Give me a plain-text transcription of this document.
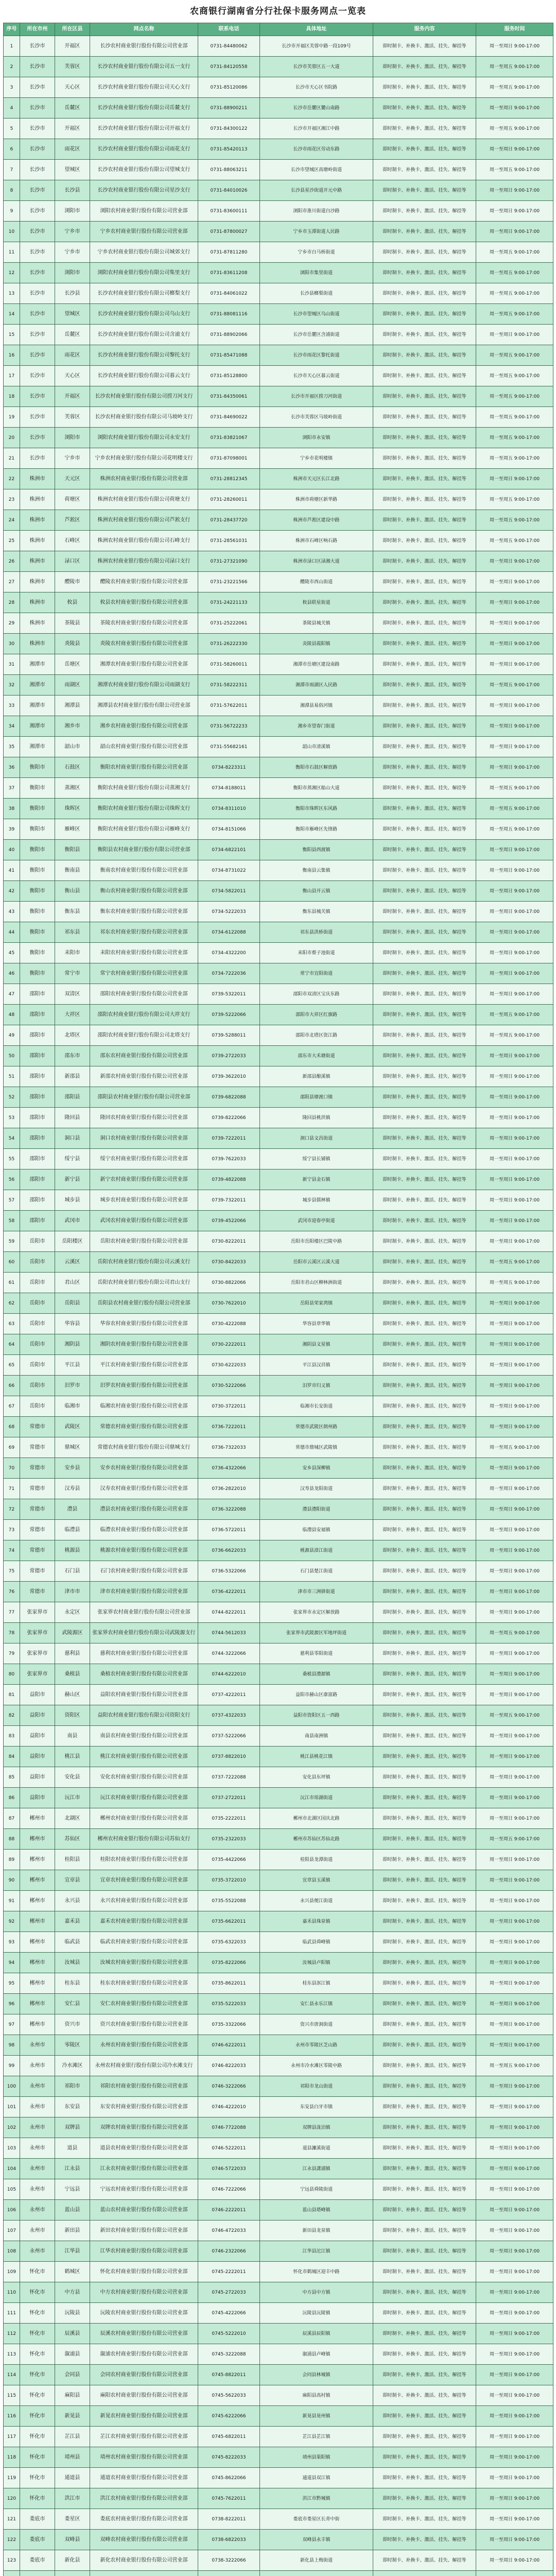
农商银行湖南省分行社保卡服务网点一览表
序号	所在市州	所在区县	网点名称	联系电话	具体地址	服务内容	服务时间
1	长沙市	开福区	长沙农村商业银行股份有限公司营业部	0731-84480062	长沙市开福区芙蓉中路一段109号	即时制卡、补换卡、激活、挂失、解挂等	周一至周日 9:00-17:00
2	长沙市	芙蓉区	长沙农村商业银行股份有限公司五一支行	0731-84120558	长沙市芙蓉区五一大道	即时制卡、补换卡、激活、挂失、解挂等	周一至周五 9:00-17:00
3	长沙市	天心区	长沙农村商业银行股份有限公司天心支行	0731-85120086	长沙市天心区书院路	即时制卡、补换卡、激活、挂失、解挂等	周一至周五 9:00-17:00
4	长沙市	岳麓区	长沙农村商业银行股份有限公司岳麓支行	0731-88900211	长沙市岳麓区麓山南路	即时制卡、补换卡、激活、挂失、解挂等	周一至周日 9:00-17:00
5	长沙市	开福区	长沙农村商业银行股份有限公司开福支行	0731-84300122	长沙市开福区湘江中路	即时制卡、补换卡、激活、挂失、解挂等	周一至周五 9:00-17:00
6	长沙市	雨花区	长沙农村商业银行股份有限公司雨花支行	0731-85420113	长沙市雨花区劳动东路	即时制卡、补换卡、激活、挂失、解挂等	周一至周日 9:00-17:00
7	长沙市	望城区	长沙农村商业银行股份有限公司望城支行	0731-88063211	长沙市望城区高塘岭街道	即时制卡、补换卡、激活、挂失、解挂等	周一至周五 9:00-17:00
8	长沙市	长沙县	长沙农村商业银行股份有限公司星沙支行	0731-84010026	长沙县星沙街道开元中路	即时制卡、补换卡、激活、挂失、解挂等	周一至周日 9:00-17:00
9	长沙市	浏阳市	浏阳农村商业银行股份有限公司营业部	0731-83600111	浏阳市淮川街道白沙路	即时制卡、补换卡、激活、挂失、解挂等	周一至周日 9:00-17:00
10	长沙市	宁乡市	宁乡农村商业银行股份有限公司营业部	0731-87800027	宁乡市玉潭街道人民路	即时制卡、补换卡、激活、挂失、解挂等	周一至周日 9:00-17:00
11	长沙市	宁乡市	宁乡农村商业银行股份有限公司城郊支行	0731-87811280	宁乡市白马桥街道	即时制卡、补换卡、激活、挂失、解挂等	周一至周五 9:00-17:00
12	长沙市	浏阳市	浏阳农村商业银行股份有限公司集里支行	0731-83611208	浏阳市集里街道	即时制卡、补换卡、激活、挂失、解挂等	周一至周五 9:00-17:00
13	长沙市	长沙县	长沙农村商业银行股份有限公司榔梨支行	0731-84061022	长沙县榔梨街道	即时制卡、补换卡、激活、挂失、解挂等	周一至周五 9:00-17:00
14	长沙市	望城区	长沙农村商业银行股份有限公司乌山支行	0731-88081116	长沙市望城区乌山街道	即时制卡、补换卡、激活、挂失、解挂等	周一至周五 9:00-17:00
15	长沙市	岳麓区	长沙农村商业银行股份有限公司含浦支行	0731-88902066	长沙市岳麓区含浦街道	即时制卡、补换卡、激活、挂失、解挂等	周一至周日 9:00-17:00
16	长沙市	雨花区	长沙农村商业银行股份有限公司黎托支行	0731-85471088	长沙市雨花区黎托街道	即时制卡、补换卡、激活、挂失、解挂等	周一至周五 9:00-17:00
17	长沙市	天心区	长沙农村商业银行股份有限公司暮云支行	0731-85128800	长沙市天心区暮云街道	即时制卡、补换卡、激活、挂失、解挂等	周一至周五 9:00-17:00
18	长沙市	开福区	长沙农村商业银行股份有限公司捞刀河支行	0731-84350061	长沙市开福区捞刀河街道	即时制卡、补换卡、激活、挂失、解挂等	周一至周五 9:00-17:00
19	长沙市	芙蓉区	长沙农村商业银行股份有限公司马坡岭支行	0731-84690022	长沙市芙蓉区马坡岭街道	即时制卡、补换卡、激活、挂失、解挂等	周一至周五 9:00-17:00
20	长沙市	浏阳市	浏阳农村商业银行股份有限公司永安支行	0731-83821067	浏阳市永安镇	即时制卡、补换卡、激活、挂失、解挂等	周一至周五 9:00-17:00
21	长沙市	宁乡市	宁乡农村商业银行股份有限公司花明楼支行	0731-87098001	宁乡市花明楼镇	即时制卡、补换卡、激活、挂失、解挂等	周一至周五 9:00-17:00
22	株洲市	天元区	株洲农村商业银行股份有限公司营业部	0731-28812345	株洲市天元区长江北路	即时制卡、补换卡、激活、挂失、解挂等	周一至周日 9:00-17:00
23	株洲市	荷塘区	株洲农村商业银行股份有限公司荷塘支行	0731-28260011	株洲市荷塘区新华路	即时制卡、补换卡、激活、挂失、解挂等	周一至周五 9:00-17:00
24	株洲市	芦淞区	株洲农村商业银行股份有限公司芦淞支行	0731-28437720	株洲市芦淞区建设中路	即时制卡、补换卡、激活、挂失、解挂等	周一至周五 9:00-17:00
25	株洲市	石峰区	株洲农村商业银行股份有限公司石峰支行	0731-28561031	株洲市石峰区响石路	即时制卡、补换卡、激活、挂失、解挂等	周一至周五 9:00-17:00
26	株洲市	渌口区	株洲农村商业银行股份有限公司渌口支行	0731-27321090	株洲市渌口区渌湘大道	即时制卡、补换卡、激活、挂失、解挂等	周一至周日 9:00-17:00
27	株洲市	醴陵市	醴陵农村商业银行股份有限公司营业部	0731-23221566	醴陵市西山街道	即时制卡、补换卡、激活、挂失、解挂等	周一至周日 9:00-17:00
28	株洲市	攸县	攸县农村商业银行股份有限公司营业部	0731-24221133	攸县联星街道	即时制卡、补换卡、激活、挂失、解挂等	周一至周日 9:00-17:00
29	株洲市	茶陵县	茶陵农村商业银行股份有限公司营业部	0731-25222061	茶陵县城关镇	即时制卡、补换卡、激活、挂失、解挂等	周一至周日 9:00-17:00
30	株洲市	炎陵县	炎陵农村商业银行股份有限公司营业部	0731-26222330	炎陵县霞阳镇	即时制卡、补换卡、激活、挂失、解挂等	周一至周日 9:00-17:00
31	湘潭市	岳塘区	湘潭农村商业银行股份有限公司营业部	0731-58260011	湘潭市岳塘区建设南路	即时制卡、补换卡、激活、挂失、解挂等	周一至周日 9:00-17:00
32	湘潭市	雨湖区	湘潭农村商业银行股份有限公司雨湖支行	0731-58222311	湘潭市雨湖区人民路	即时制卡、补换卡、激活、挂失、解挂等	周一至周五 9:00-17:00
33	湘潭市	湘潭县	湘潭县农村商业银行股份有限公司营业部	0731-57622011	湘潭县易俗河镇	即时制卡、补换卡、激活、挂失、解挂等	周一至周日 9:00-17:00
34	湘潭市	湘乡市	湘乡农村商业银行股份有限公司营业部	0731-56722233	湘乡市望春门街道	即时制卡、补换卡、激活、挂失、解挂等	周一至周日 9:00-17:00
35	湘潭市	韶山市	韶山农村商业银行股份有限公司营业部	0731-55682161	韶山市清溪镇	即时制卡、补换卡、激活、挂失、解挂等	周一至周日 9:00-17:00
36	衡阳市	石鼓区	衡阳农村商业银行股份有限公司营业部	0734-8223311	衡阳市石鼓区解放路	即时制卡、补换卡、激活、挂失、解挂等	周一至周日 9:00-17:00
37	衡阳市	蒸湘区	衡阳农村商业银行股份有限公司蒸湘支行	0734-8188011	衡阳市蒸湘区船山大道	即时制卡、补换卡、激活、挂失、解挂等	周一至周五 9:00-17:00
38	衡阳市	珠晖区	衡阳农村商业银行股份有限公司珠晖支行	0734-8311010	衡阳市珠晖区东风路	即时制卡、补换卡、激活、挂失、解挂等	周一至周五 9:00-17:00
39	衡阳市	雁峰区	衡阳农村商业银行股份有限公司雁峰支行	0734-8151066	衡阳市雁峰区先锋路	即时制卡、补换卡、激活、挂失、解挂等	周一至周五 9:00-17:00
40	衡阳市	衡阳县	衡阳县农村商业银行股份有限公司营业部	0734-6822101	衡阳县西渡镇	即时制卡、补换卡、激活、挂失、解挂等	周一至周日 9:00-17:00
41	衡阳市	衡南县	衡南农村商业银行股份有限公司营业部	0734-8731022	衡南县云集镇	即时制卡、补换卡、激活、挂失、解挂等	周一至周日 9:00-17:00
42	衡阳市	衡山县	衡山农村商业银行股份有限公司营业部	0734-5822011	衡山县开云镇	即时制卡、补换卡、激活、挂失、解挂等	周一至周日 9:00-17:00
43	衡阳市	衡东县	衡东农村商业银行股份有限公司营业部	0734-5222033	衡东县城关镇	即时制卡、补换卡、激活、挂失、解挂等	周一至周日 9:00-17:00
44	衡阳市	祁东县	祁东农村商业银行股份有限公司营业部	0734-6122088	祁东县洪桥街道	即时制卡、补换卡、激活、挂失、解挂等	周一至周日 9:00-17:00
45	衡阳市	耒阳市	耒阳农村商业银行股份有限公司营业部	0734-4322200	耒阳市蔡子池街道	即时制卡、补换卡、激活、挂失、解挂等	周一至周日 9:00-17:00
46	衡阳市	常宁市	常宁农村商业银行股份有限公司营业部	0734-7222036	常宁市宜阳街道	即时制卡、补换卡、激活、挂失、解挂等	周一至周日 9:00-17:00
47	邵阳市	双清区	邵阳农村商业银行股份有限公司营业部	0739-5322011	邵阳市双清区宝庆东路	即时制卡、补换卡、激活、挂失、解挂等	周一至周日 9:00-17:00
48	邵阳市	大祥区	邵阳农村商业银行股份有限公司大祥支行	0739-5222066	邵阳市大祥区红旗路	即时制卡、补换卡、激活、挂失、解挂等	周一至周五 9:00-17:00
49	邵阳市	北塔区	邵阳农村商业银行股份有限公司北塔支行	0739-5288011	邵阳市北塔区资江路	即时制卡、补换卡、激活、挂失、解挂等	周一至周五 9:00-17:00
50	邵阳市	邵东市	邵东农村商业银行股份有限公司营业部	0739-2722033	邵东市大禾塘街道	即时制卡、补换卡、激活、挂失、解挂等	周一至周日 9:00-17:00
51	邵阳市	新邵县	新邵农村商业银行股份有限公司营业部	0739-3622010	新邵县酿溪镇	即时制卡、补换卡、激活、挂失、解挂等	周一至周日 9:00-17:00
52	邵阳市	邵阳县	邵阳县农村商业银行股份有限公司营业部	0739-6822088	邵阳县塘渡口镇	即时制卡、补换卡、激活、挂失、解挂等	周一至周日 9:00-17:00
53	邵阳市	隆回县	隆回农村商业银行股份有限公司营业部	0739-8222066	隆回县桃洪镇	即时制卡、补换卡、激活、挂失、解挂等	周一至周日 9:00-17:00
54	邵阳市	洞口县	洞口农村商业银行股份有限公司营业部	0739-7222011	洞口县文昌街道	即时制卡、补换卡、激活、挂失、解挂等	周一至周日 9:00-17:00
55	邵阳市	绥宁县	绥宁农村商业银行股份有限公司营业部	0739-7622033	绥宁县长铺镇	即时制卡、补换卡、激活、挂失、解挂等	周一至周日 9:00-17:00
56	邵阳市	新宁县	新宁农村商业银行股份有限公司营业部	0739-4822088	新宁县金石镇	即时制卡、补换卡、激活、挂失、解挂等	周一至周日 9:00-17:00
57	邵阳市	城步县	城步农村商业银行股份有限公司营业部	0739-7322011	城步县儒林镇	即时制卡、补换卡、激活、挂失、解挂等	周一至周日 9:00-17:00
58	邵阳市	武冈市	武冈农村商业银行股份有限公司营业部	0739-4522066	武冈市迎春亭街道	即时制卡、补换卡、激活、挂失、解挂等	周一至周日 9:00-17:00
59	岳阳市	岳阳楼区	岳阳农村商业银行股份有限公司营业部	0730-8222011	岳阳市岳阳楼区巴陵中路	即时制卡、补换卡、激活、挂失、解挂等	周一至周日 9:00-17:00
60	岳阳市	云溪区	岳阳农村商业银行股份有限公司云溪支行	0730-8422033	岳阳市云溪区云溪大道	即时制卡、补换卡、激活、挂失、解挂等	周一至周五 9:00-17:00
61	岳阳市	君山区	岳阳农村商业银行股份有限公司君山支行	0730-8822066	岳阳市君山区柳林洲街道	即时制卡、补换卡、激活、挂失、解挂等	周一至周五 9:00-17:00
62	岳阳市	岳阳县	岳阳县农村商业银行股份有限公司营业部	0730-7622010	岳阳县荣家湾镇	即时制卡、补换卡、激活、挂失、解挂等	周一至周日 9:00-17:00
63	岳阳市	华容县	华容农村商业银行股份有限公司营业部	0730-4222088	华容县章华镇	即时制卡、补换卡、激活、挂失、解挂等	周一至周日 9:00-17:00
64	岳阳市	湘阴县	湘阴农村商业银行股份有限公司营业部	0730-2222011	湘阴县文星镇	即时制卡、补换卡、激活、挂失、解挂等	周一至周日 9:00-17:00
65	岳阳市	平江县	平江农村商业银行股份有限公司营业部	0730-6222033	平江县汉昌镇	即时制卡、补换卡、激活、挂失、解挂等	周一至周日 9:00-17:00
66	岳阳市	汨罗市	汨罗农村商业银行股份有限公司营业部	0730-5222066	汨罗市归义镇	即时制卡、补换卡、激活、挂失、解挂等	周一至周日 9:00-17:00
67	岳阳市	临湘市	临湘农村商业银行股份有限公司营业部	0730-3722011	临湘市长安街道	即时制卡、补换卡、激活、挂失、解挂等	周一至周日 9:00-17:00
68	常德市	武陵区	常德农村商业银行股份有限公司营业部	0736-7222011	常德市武陵区朗州路	即时制卡、补换卡、激活、挂失、解挂等	周一至周日 9:00-17:00
69	常德市	鼎城区	常德农村商业银行股份有限公司鼎城支行	0736-7322033	常德市鼎城区武陵镇	即时制卡、补换卡、激活、挂失、解挂等	周一至周五 9:00-17:00
70	常德市	安乡县	安乡农村商业银行股份有限公司营业部	0736-4322066	安乡县深柳镇	即时制卡、补换卡、激活、挂失、解挂等	周一至周日 9:00-17:00
71	常德市	汉寿县	汉寿农村商业银行股份有限公司营业部	0736-2822010	汉寿县龙阳街道	即时制卡、补换卡、激活、挂失、解挂等	周一至周日 9:00-17:00
72	常德市	澧县	澧县农村商业银行股份有限公司营业部	0736-3222088	澧县澧阳街道	即时制卡、补换卡、激活、挂失、解挂等	周一至周日 9:00-17:00
73	常德市	临澧县	临澧农村商业银行股份有限公司营业部	0736-5722011	临澧县安福镇	即时制卡、补换卡、激活、挂失、解挂等	周一至周日 9:00-17:00
74	常德市	桃源县	桃源农村商业银行股份有限公司营业部	0736-6622033	桃源县漳江街道	即时制卡、补换卡、激活、挂失、解挂等	周一至周日 9:00-17:00
75	常德市	石门县	石门农村商业银行股份有限公司营业部	0736-5322066	石门县楚江街道	即时制卡、补换卡、激活、挂失、解挂等	周一至周日 9:00-17:00
76	常德市	津市市	津市农村商业银行股份有限公司营业部	0736-4222011	津市市三洲驿街道	即时制卡、补换卡、激活、挂失、解挂等	周一至周日 9:00-17:00
77	张家界市	永定区	张家界农村商业银行股份有限公司营业部	0744-8222011	张家界市永定区解放路	即时制卡、补换卡、激活、挂失、解挂等	周一至周日 9:00-17:00
78	张家界市	武陵源区	张家界农村商业银行股份有限公司武陵源支行	0744-5612033	张家界市武陵源区军地坪街道	即时制卡、补换卡、激活、挂失、解挂等	周一至周五 9:00-17:00
79	张家界市	慈利县	慈利农村商业银行股份有限公司营业部	0744-3222066	慈利县零阳街道	即时制卡、补换卡、激活、挂失、解挂等	周一至周日 9:00-17:00
80	张家界市	桑植县	桑植农村商业银行股份有限公司营业部	0744-6222010	桑植县澧源镇	即时制卡、补换卡、激活、挂失、解挂等	周一至周日 9:00-17:00
81	益阳市	赫山区	益阳农村商业银行股份有限公司营业部	0737-4222011	益阳市赫山区康富路	即时制卡、补换卡、激活、挂失、解挂等	周一至周日 9:00-17:00
82	益阳市	资阳区	益阳农村商业银行股份有限公司资阳支行	0737-4322033	益阳市资阳区五一西路	即时制卡、补换卡、激活、挂失、解挂等	周一至周五 9:00-17:00
83	益阳市	南县	南县农村商业银行股份有限公司营业部	0737-5222066	南县南洲镇	即时制卡、补换卡、激活、挂失、解挂等	周一至周日 9:00-17:00
84	益阳市	桃江县	桃江农村商业银行股份有限公司营业部	0737-8822010	桃江县桃花江镇	即时制卡、补换卡、激活、挂失、解挂等	周一至周日 9:00-17:00
85	益阳市	安化县	安化农村商业银行股份有限公司营业部	0737-7222088	安化县东坪镇	即时制卡、补换卡、激活、挂失、解挂等	周一至周日 9:00-17:00
86	益阳市	沅江市	沅江农村商业银行股份有限公司营业部	0737-2722011	沅江市琼湖街道	即时制卡、补换卡、激活、挂失、解挂等	周一至周日 9:00-17:00
87	郴州市	北湖区	郴州农村商业银行股份有限公司营业部	0735-2222011	郴州市北湖区国庆北路	即时制卡、补换卡、激活、挂失、解挂等	周一至周日 9:00-17:00
88	郴州市	苏仙区	郴州农村商业银行股份有限公司苏仙支行	0735-2322033	郴州市苏仙区苏仙北路	即时制卡、补换卡、激活、挂失、解挂等	周一至周五 9:00-17:00
89	郴州市	桂阳县	桂阳农村商业银行股份有限公司营业部	0735-4422066	桂阳县龙潭街道	即时制卡、补换卡、激活、挂失、解挂等	周一至周日 9:00-17:00
90	郴州市	宜章县	宜章农村商业银行股份有限公司营业部	0735-3722010	宜章县玉溪镇	即时制卡、补换卡、激活、挂失、解挂等	周一至周日 9:00-17:00
91	郴州市	永兴县	永兴农村商业银行股份有限公司营业部	0735-5522088	永兴县便江街道	即时制卡、补换卡、激活、挂失、解挂等	周一至周日 9:00-17:00
92	郴州市	嘉禾县	嘉禾农村商业银行股份有限公司营业部	0735-6622011	嘉禾县珠泉镇	即时制卡、补换卡、激活、挂失、解挂等	周一至周日 9:00-17:00
93	郴州市	临武县	临武农村商业银行股份有限公司营业部	0735-6322033	临武县舜峰镇	即时制卡、补换卡、激活、挂失、解挂等	周一至周日 9:00-17:00
94	郴州市	汝城县	汝城农村商业银行股份有限公司营业部	0735-8222066	汝城县卢阳镇	即时制卡、补换卡、激活、挂失、解挂等	周一至周日 9:00-17:00
95	郴州市	桂东县	桂东农村商业银行股份有限公司营业部	0735-8622011	桂东县沤江镇	即时制卡、补换卡、激活、挂失、解挂等	周一至周日 9:00-17:00
96	郴州市	安仁县	安仁农村商业银行股份有限公司营业部	0735-5222033	安仁县永乐江镇	即时制卡、补换卡、激活、挂失、解挂等	周一至周日 9:00-17:00
97	郴州市	资兴市	资兴农村商业银行股份有限公司营业部	0735-3322066	资兴市唐洞街道	即时制卡、补换卡、激活、挂失、解挂等	周一至周日 9:00-17:00
98	永州市	零陵区	永州农村商业银行股份有限公司营业部	0746-6222011	永州市零陵区芝山路	即时制卡、补换卡、激活、挂失、解挂等	周一至周日 9:00-17:00
99	永州市	冷水滩区	永州农村商业银行股份有限公司冷水滩支行	0746-8222033	永州市冷水滩区零陵中路	即时制卡、补换卡、激活、挂失、解挂等	周一至周五 9:00-17:00
100	永州市	祁阳市	祁阳农村商业银行股份有限公司营业部	0746-3222066	祁阳市龙山街道	即时制卡、补换卡、激活、挂失、解挂等	周一至周日 9:00-17:00
101	永州市	东安县	东安农村商业银行股份有限公司营业部	0746-4222010	东安县白牙市镇	即时制卡、补换卡、激活、挂失、解挂等	周一至周日 9:00-17:00
102	永州市	双牌县	双牌农村商业银行股份有限公司营业部	0746-7722088	双牌县泷泊镇	即时制卡、补换卡、激活、挂失、解挂等	周一至周日 9:00-17:00
103	永州市	道县	道县农村商业银行股份有限公司营业部	0746-5222011	道县濂溪街道	即时制卡、补换卡、激活、挂失、解挂等	周一至周日 9:00-17:00
104	永州市	江永县	江永农村商业银行股份有限公司营业部	0746-5722033	江永县潇浦镇	即时制卡、补换卡、激活、挂失、解挂等	周一至周日 9:00-17:00
105	永州市	宁远县	宁远农村商业银行股份有限公司营业部	0746-7222066	宁远县舜陵街道	即时制卡、补换卡、激活、挂失、解挂等	周一至周日 9:00-17:00
106	永州市	蓝山县	蓝山农村商业银行股份有限公司营业部	0746-2222011	蓝山县塔峰镇	即时制卡、补换卡、激活、挂失、解挂等	周一至周日 9:00-17:00
107	永州市	新田县	新田农村商业银行股份有限公司营业部	0746-4722033	新田县龙泉镇	即时制卡、补换卡、激活、挂失、解挂等	周一至周日 9:00-17:00
108	永州市	江华县	江华农村商业银行股份有限公司营业部	0746-2322066	江华县沱江镇	即时制卡、补换卡、激活、挂失、解挂等	周一至周日 9:00-17:00
109	怀化市	鹤城区	怀化农村商业银行股份有限公司营业部	0745-2222011	怀化市鹤城区迎丰中路	即时制卡、补换卡、激活、挂失、解挂等	周一至周日 9:00-17:00
110	怀化市	中方县	中方农村商业银行股份有限公司营业部	0745-2722033	中方县中方镇	即时制卡、补换卡、激活、挂失、解挂等	周一至周日 9:00-17:00
111	怀化市	沅陵县	沅陵农村商业银行股份有限公司营业部	0745-4222066	沅陵县沅陵镇	即时制卡、补换卡、激活、挂失、解挂等	周一至周日 9:00-17:00
112	怀化市	辰溪县	辰溪农村商业银行股份有限公司营业部	0745-5222010	辰溪县辰阳镇	即时制卡、补换卡、激活、挂失、解挂等	周一至周日 9:00-17:00
113	怀化市	溆浦县	溆浦农村商业银行股份有限公司营业部	0745-3222088	溆浦县卢峰镇	即时制卡、补换卡、激活、挂失、解挂等	周一至周日 9:00-17:00
114	怀化市	会同县	会同农村商业银行股份有限公司营业部	0745-8822011	会同县林城镇	即时制卡、补换卡、激活、挂失、解挂等	周一至周日 9:00-17:00
115	怀化市	麻阳县	麻阳农村商业银行股份有限公司营业部	0745-5622033	麻阳县高村镇	即时制卡、补换卡、激活、挂失、解挂等	周一至周日 9:00-17:00
116	怀化市	新晃县	新晃农村商业银行股份有限公司营业部	0745-6222066	新晃县晃州镇	即时制卡、补换卡、激活、挂失、解挂等	周一至周日 9:00-17:00
117	怀化市	芷江县	芷江农村商业银行股份有限公司营业部	0745-6822011	芷江县芷江镇	即时制卡、补换卡、激活、挂失、解挂等	周一至周日 9:00-17:00
118	怀化市	靖州县	靖州农村商业银行股份有限公司营业部	0745-8222033	靖州县渠阳镇	即时制卡、补换卡、激活、挂失、解挂等	周一至周日 9:00-17:00
119	怀化市	通道县	通道农村商业银行股份有限公司营业部	0745-8622066	通道县双江镇	即时制卡、补换卡、激活、挂失、解挂等	周一至周日 9:00-17:00
120	怀化市	洪江市	洪江农村商业银行股份有限公司营业部	0745-7622011	洪江市黔城镇	即时制卡、补换卡、激活、挂失、解挂等	周一至周日 9:00-17:00
121	娄底市	娄星区	娄底农村商业银行股份有限公司营业部	0738-8222011	娄底市娄星区长青中街	即时制卡、补换卡、激活、挂失、解挂等	周一至周日 9:00-17:00
122	娄底市	双峰县	双峰农村商业银行股份有限公司营业部	0738-6822033	双峰县永丰镇	即时制卡、补换卡、激活、挂失、解挂等	周一至周日 9:00-17:00
123	娄底市	新化县	新化农村商业银行股份有限公司营业部	0738-3222066	新化县上梅街道	即时制卡、补换卡、激活、挂失、解挂等	周一至周日 9:00-17:00
